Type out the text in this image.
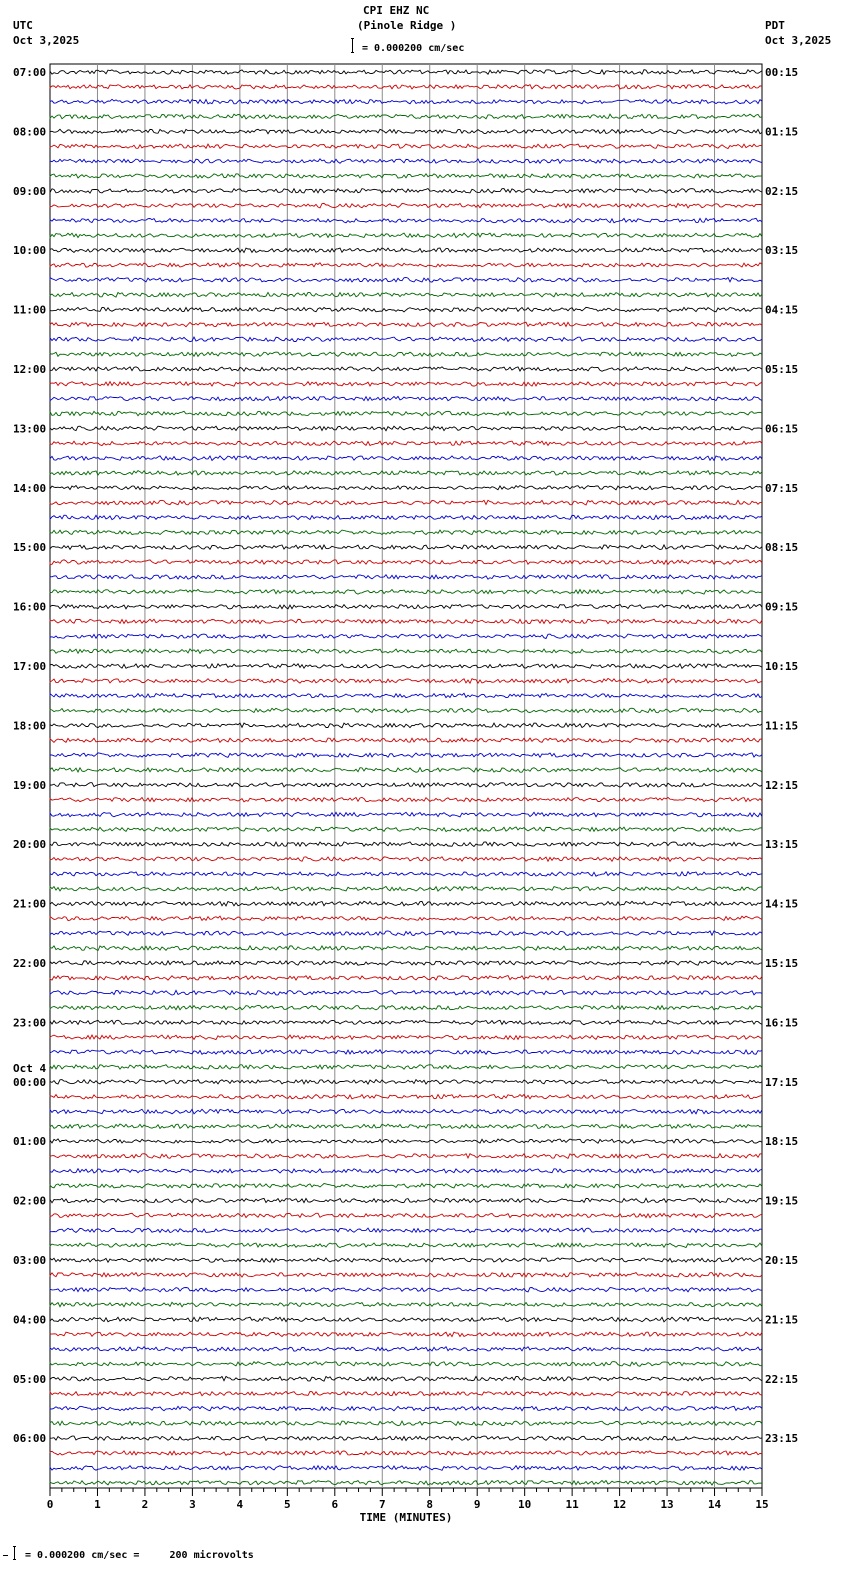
CPI EHZ NC
(Pinole Ridge )
= 0.000200 cm/sec
UTC
Oct 3,2025
PDT
Oct 3,2025
07:00
08:00
09:00
10:00
11:00
12:00
13:00
14:00
15:00
16:00
17:00
18:00
19:00
20:00
21:00
22:00
23:00
00:00
01:00
02:00
03:00
04:00
05:00
06:00
00:15
01:15
02:15
03:15
04:15
05:15
06:15
07:15
08:15
09:15
10:15
11:15
12:15
13:15
14:15
15:15
16:15
17:15
18:15
19:15
20:15
21:15
22:15
23:15
Oct 4
0	1	2	3	4	5	6	7	8	9	10	11	12	13	14	15
TIME (MINUTES)
= 0.000200 cm/sec =     200 microvolts
